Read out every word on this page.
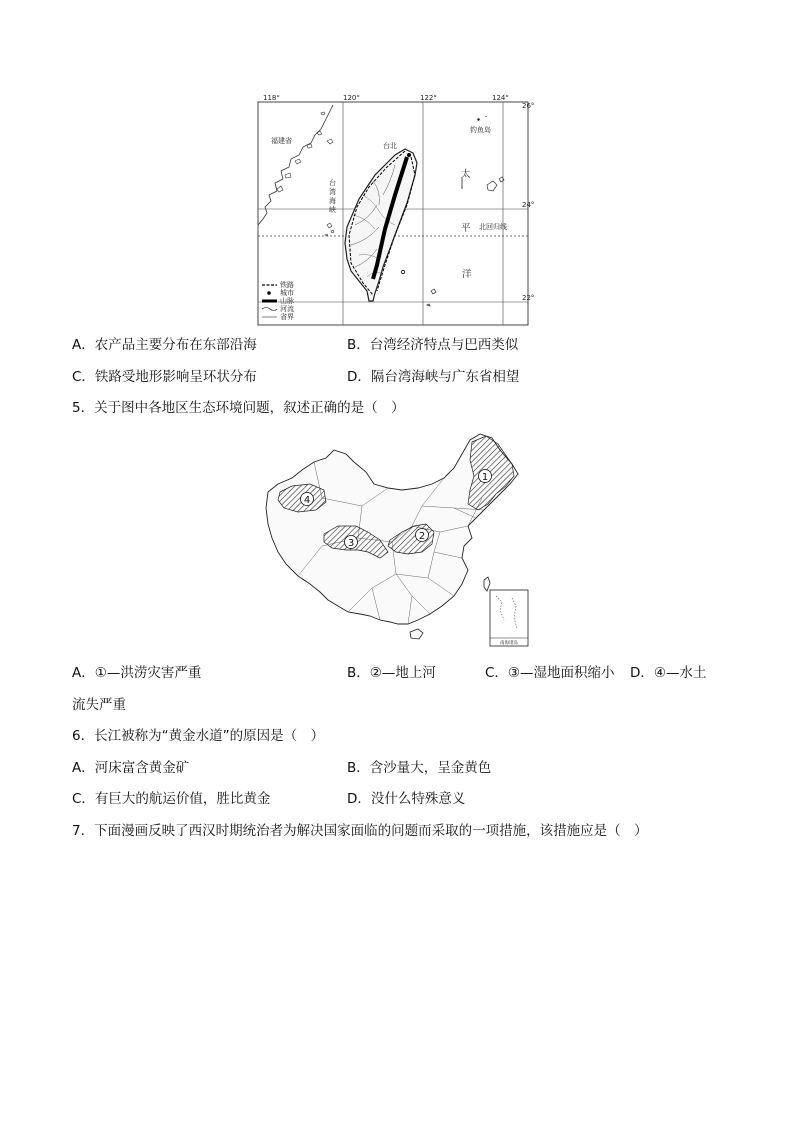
118°	120°	122°	124°
26°
24°
22°
福建省
台
湾
海
峡
台北
钓鱼岛
太
平 北回归线
洋
铁路
城市
山脉
河流
省界
A．农产品主要分布在东部沿海	B．台湾经济特点与巴西类似
C．铁路受地形影响呈环状分布	D．隔台湾海峡与广东省相望
5．关于图中各地区生态环境问题，叙述正确的是（　）
1
4
3
2
南海诸岛
A．①—洪涝灾害严重	B．②—地上河	C．③—湿地面积缩小 D．④—水土
流失严重
6．长江被称为“黄金水道”的原因是（　）
A．河床富含黄金矿	B．含沙量大，呈金黄色
C．有巨大的航运价值，胜比黄金	D．没什么特殊意义
7．下面漫画反映了西汉时期统治者为解决国家面临的问题而采取的一项措施，该措施应是（　）
